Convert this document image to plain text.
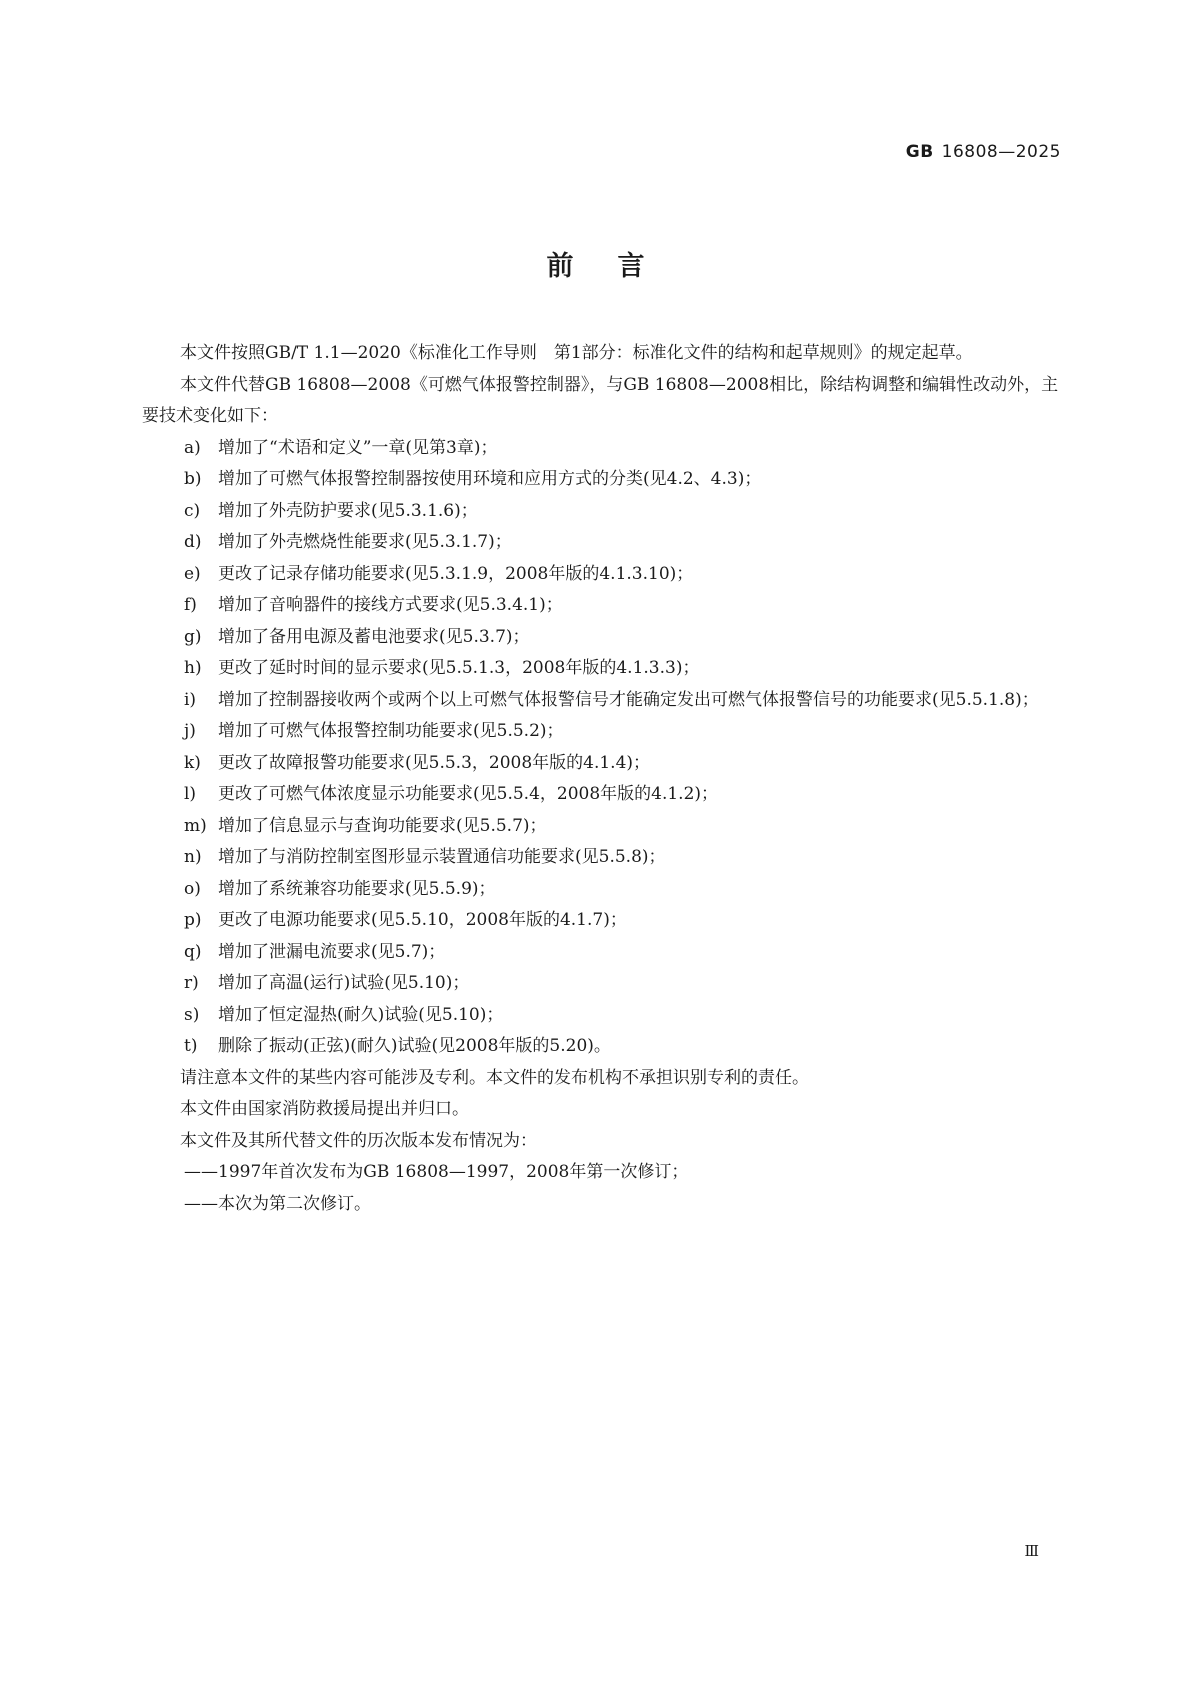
GB 16808—2025
前言

本文件按照GB/T 1.1—2020《标准化工作导则　第1部分：标准化文件的结构和起草规则》的规定起草。

本文件代替GB 16808—2008《可燃气体报警控制器》，与GB 16808—2008相比，除结构调整和编辑性改动外，主要技术变化如下：

a) 增加了“术语和定义”一章(见第3章)；

b) 增加了可燃气体报警控制器按使用环境和应用方式的分类(见4.2、4.3)；

c) 增加了外壳防护要求(见5.3.1.6)；

d) 增加了外壳燃烧性能要求(见5.3.1.7)；

e) 更改了记录存储功能要求(见5.3.1.9，2008年版的4.1.3.10)；

f) 增加了音响器件的接线方式要求(见5.3.4.1)；

g) 增加了备用电源及蓄电池要求(见5.3.7)；

h) 更改了延时时间的显示要求(见5.5.1.3，2008年版的4.1.3.3)；

i) 增加了控制器接收两个或两个以上可燃气体报警信号才能确定发出可燃气体报警信号的功能要求(见5.5.1.8)；

j) 增加了可燃气体报警控制功能要求(见5.5.2)；

k) 更改了故障报警功能要求(见5.5.3，2008年版的4.1.4)；

l) 更改了可燃气体浓度显示功能要求(见5.5.4，2008年版的4.1.2)；

m) 增加了信息显示与查询功能要求(见5.5.7)；

n) 增加了与消防控制室图形显示装置通信功能要求(见5.5.8)；

o) 增加了系统兼容功能要求(见5.5.9)；

p) 更改了电源功能要求(见5.5.10，2008年版的4.1.7)；

q) 增加了泄漏电流要求(见5.7)；

r) 增加了高温(运行)试验(见5.10)；

s) 增加了恒定湿热(耐久)试验(见5.10)；

t) 删除了振动(正弦)(耐久)试验(见2008年版的5.20)。

请注意本文件的某些内容可能涉及专利。本文件的发布机构不承担识别专利的责任。

本文件由国家消防救援局提出并归口。

本文件及其所代替文件的历次版本发布情况为：

——1997年首次发布为GB 16808—1997，2008年第一次修订；

——本次为第二次修订。

Ⅲ
